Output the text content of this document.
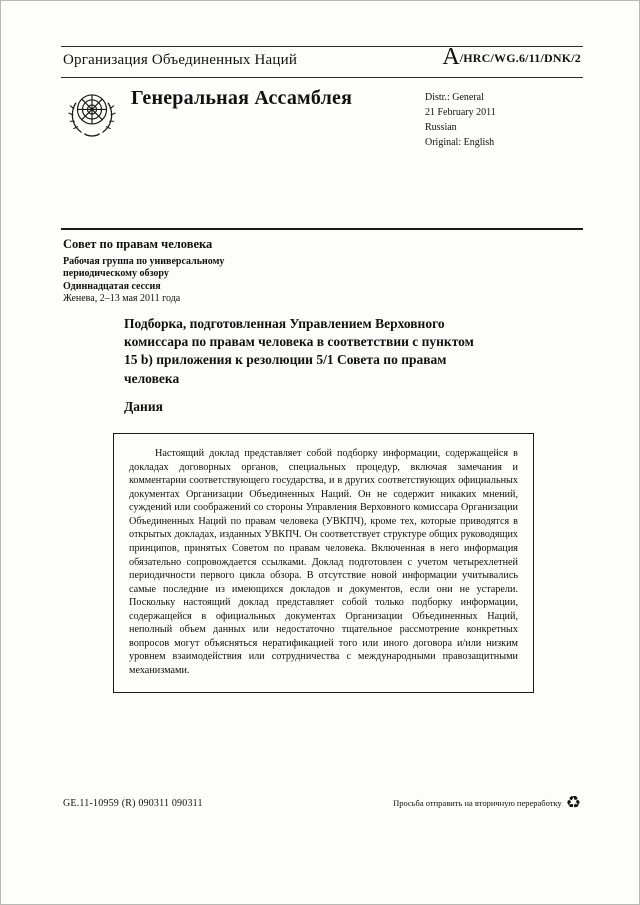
Организация Объединенных Наций	A/HRC/WG.6/11/DNK/2
Генеральная Ассамблея	Distr.: General
21 February 2011
Russian
Original: English
Совет по правам человека
Рабочая группа по универсальному
периодическому обзору
Одиннадцатая сессия
Женева, 2–13 мая 2011 года
Подборка, подготовленная Управлением Верховного комиссара по правам человека в соответствии с пунктом 15 b) приложения к резолюции 5/1 Совета по правам человека
Дания
Настоящий доклад представляет собой подборку информации, содержащейся в докладах договорных органов, специальных процедур, включая замечания и комментарии соответствующего государства, и в других соответствующих официальных документах Организации Объединенных Наций. Он не содержит никаких мнений, суждений или соображений со стороны Управления Верховного комиссара Организации Объединенных Наций по правам человека (УВКПЧ), кроме тех, которые приводятся в открытых докладах, изданных УВКПЧ. Он соответствует структуре общих руководящих принципов, принятых Советом по правам человека. Включенная в него информация обязательно сопровождается ссылками. Доклад подготовлен с учетом четырехлетней периодичности первого цикла обзора. В отсутствие новой информации учитывались самые последние из имеющихся докладов и документов, если они не устарели. Поскольку настоящий доклад представляет собой только подборку информации, содержащейся в официальных документах Организации Объединенных Наций, неполный объем данных или недостаточно тщательное рассмотрение конкретных вопросов могут объясняться нератификацией того или иного договора и/или низким уровнем взаимодействия или сотрудничества с международными правозащитными механизмами.
GE.11-10959 (R) 090311 090311	Просьба отправить на вторичную переработку ♻
